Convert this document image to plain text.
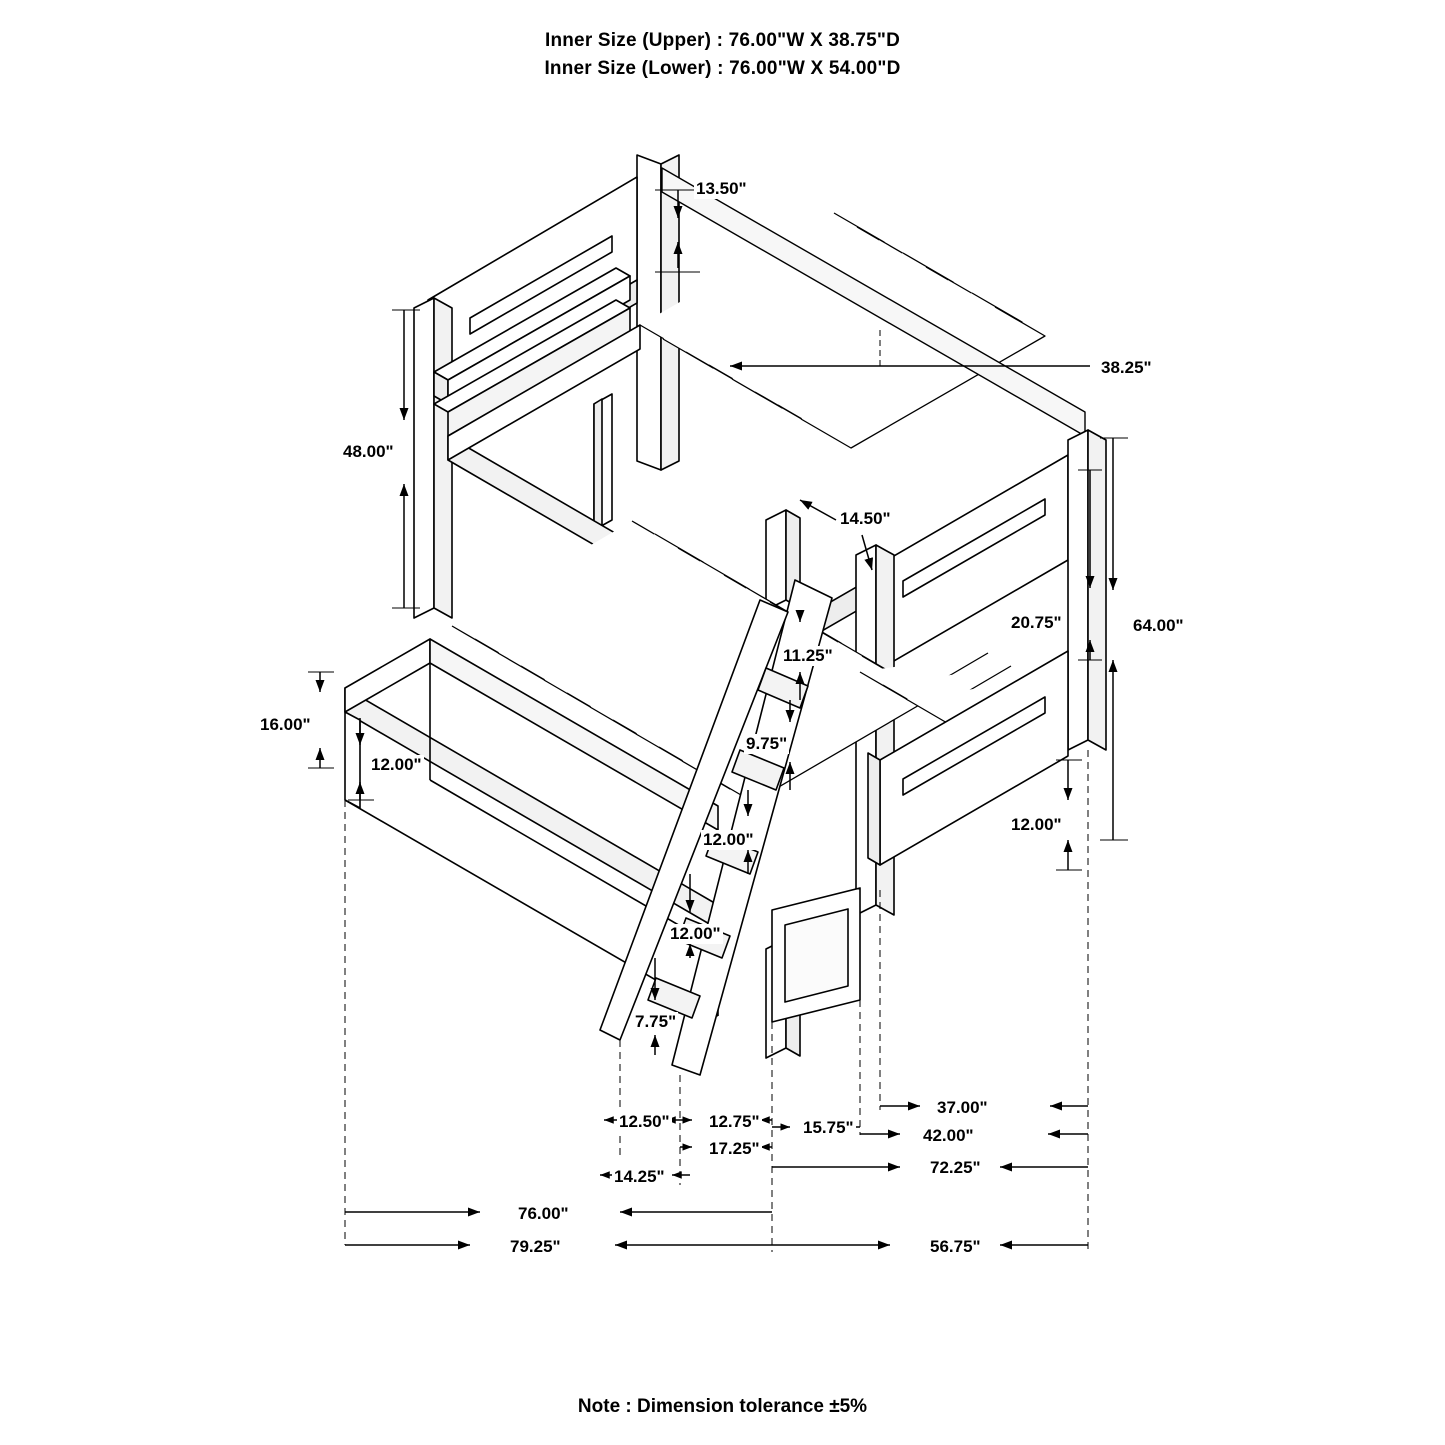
Inner Size (Upper) : 76.00"W X 38.75"D
Inner Size (Lower) : 76.00"W X 54.00"D
13.50"
38.25"
48.00"
14.50"
64.00"
20.75"
11.25"
16.00"
9.75"
12.00"
12.00"
12.00"
12.00"
7.75"
12.75"
37.00"
12.50"
17.25"
15.75"	42.00"
14.25"	72.25"
76.00"
79.25"	56.75"
Note : Dimension tolerance ±5%
